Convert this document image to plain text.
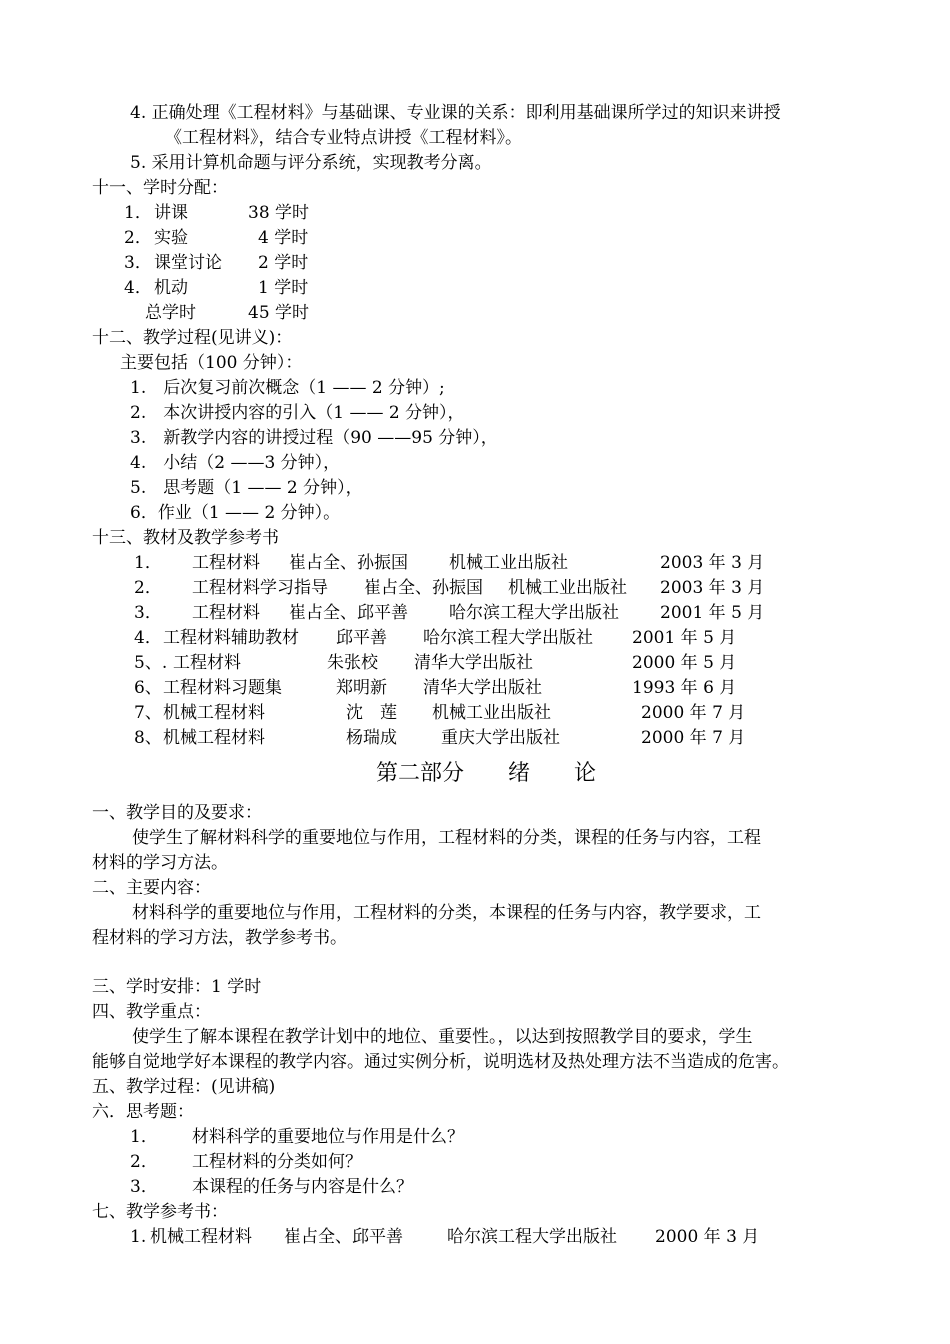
4. 正确处理《工程材料》与基础课、专业课的关系：即利用基础课所学过的知识来讲授
《工程材料》，结合专业特点讲授《工程材料》。
5. 采用计算机命题与评分系统，实现教考分离。
十一、学时分配：
1． 讲课	38 学时
2． 实验	4 学时
3． 课堂讨论 2 学时
4． 机动	1 学时
总学时	45 学时
十二、教学过程(见讲义)：
主要包括（100 分钟）：
1.　后次复习前次概念（1 —— 2 分钟）;
2.　本次讲授内容的引入（1 —— 2 分钟），
3.　新教学内容的讲授过程（90 ——95 分钟），
4.　小结（2 ——3 分钟），
5.　思考题（1 —— 2 分钟），
6．作业（1 —— 2 分钟）。
十三、教材及教学参考书
1． 工程材料 崔占全、孙振国 机械工业出版社	2003 年 3 月
2． 工程材料学习指导 崔占全、孙振国 机械工业出版社 2003 年 3 月
3． 工程材料 崔占全、邱平善 哈尔滨工程大学出版社 2001 年 5 月
4． 工程材料辅助教材 邱平善 哈尔滨工程大学出版社 2001 年 5 月
5、. 工程材料	朱张校 清华大学出版社	2000 年 5 月
6、 工程材料习题集	郑明新 清华大学出版社	1993 年 6 月
7、 机械工程材料	沈　莲 机械工业出版社	2000 年 7 月
8、 机械工程材料	杨瑞成	重庆大学出版社	2000 年 7 月
第二部分　　绪　　论
一、教学目的及要求：
使学生了解材料科学的重要地位与作用，工程材料的分类，课程的任务与内容，工程
材料的学习方法。
二、主要内容：
材料科学的重要地位与作用，工程材料的分类，本课程的任务与内容，教学要求，工
程材料的学习方法，教学参考书。
三、学时安排：1 学时
四、教学重点：
使学生了解本课程在教学计划中的地位、重要性。，以达到按照教学目的要求，学生
能够自觉地学好本课程的教学内容。通过实例分析，说明选材及热处理方法不当造成的危害。
五、教学过程：(见讲稿)
六．思考题：
1． 材料科学的重要地位与作用是什么？
2． 工程材料的分类如何？
3． 本课程的任务与内容是什么？
七、教学参考书：
1. 机械工程材料 崔占全、邱平善	哈尔滨工程大学出版社 2000 年 3 月
